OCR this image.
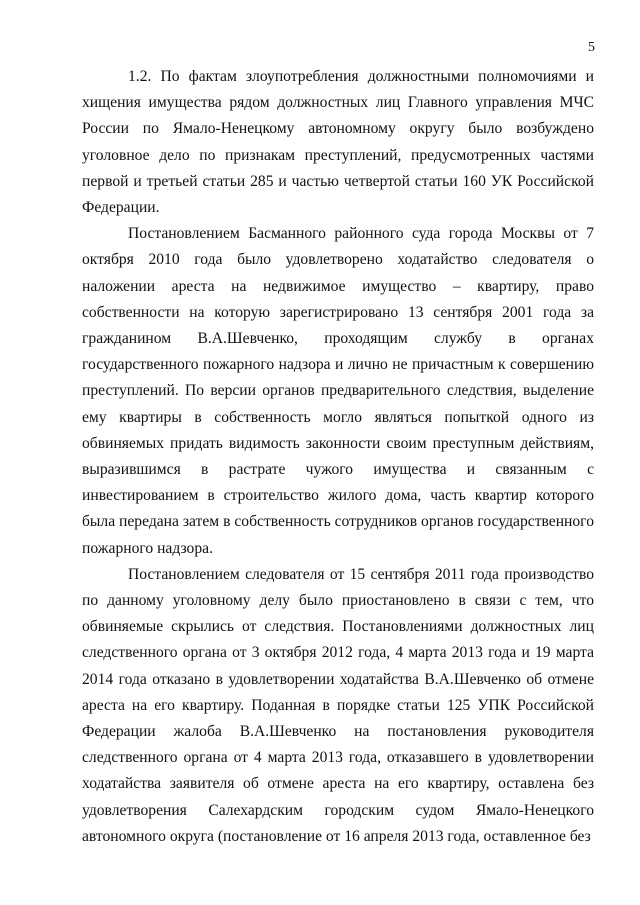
5

1.2. По фактам злоупотребления должностными полномочиями и хищения имущества рядом должностных лиц Главного управления МЧС России по Ямало-Ненецкому автономному округу было возбуждено уголовное дело по признакам преступлений, предусмотренных частями первой и третьей статьи 285 и частью четвертой статьи 160 УК Российской Федерации.

Постановлением Басманного районного суда города Москвы от 7 октября 2010 года было удовлетворено ходатайство следователя о наложении ареста на недвижимое имущество – квартиру, право собственности на которую зарегистрировано 13 сентября 2001 года за гражданином В.А.Шевченко, проходящим службу в органах государственного пожарного надзора и лично не причастным к совершению преступлений. По версии органов предварительного следствия, выделение ему квартиры в собственность могло являться попыткой одного из обвиняемых придать видимость законности своим преступным действиям, выразившимся в растрате чужого имущества и связанным с инвестированием в строительство жилого дома, часть квартир которого была передана затем в собственность сотрудников органов государственного пожарного надзора.

Постановлением следователя от 15 сентября 2011 года производство по данному уголовному делу было приостановлено в связи с тем, что обвиняемые скрылись от следствия. Постановлениями должностных лиц следственного органа от 3 октября 2012 года, 4 марта 2013 года и 19 марта 2014 года отказано в удовлетворении ходатайства В.А.Шевченко об отмене ареста на его квартиру. Поданная в порядке статьи 125 УПК Российской Федерации жалоба В.А.Шевченко на постановления руководителя следственного органа от 4 марта 2013 года, отказавшего в удовлетворении ходатайства заявителя об отмене ареста на его квартиру, оставлена без удовлетворения Салехардским городским судом Ямало-Ненецкого автономного округа (постановление от 16 апреля 2013 года, оставленное без
